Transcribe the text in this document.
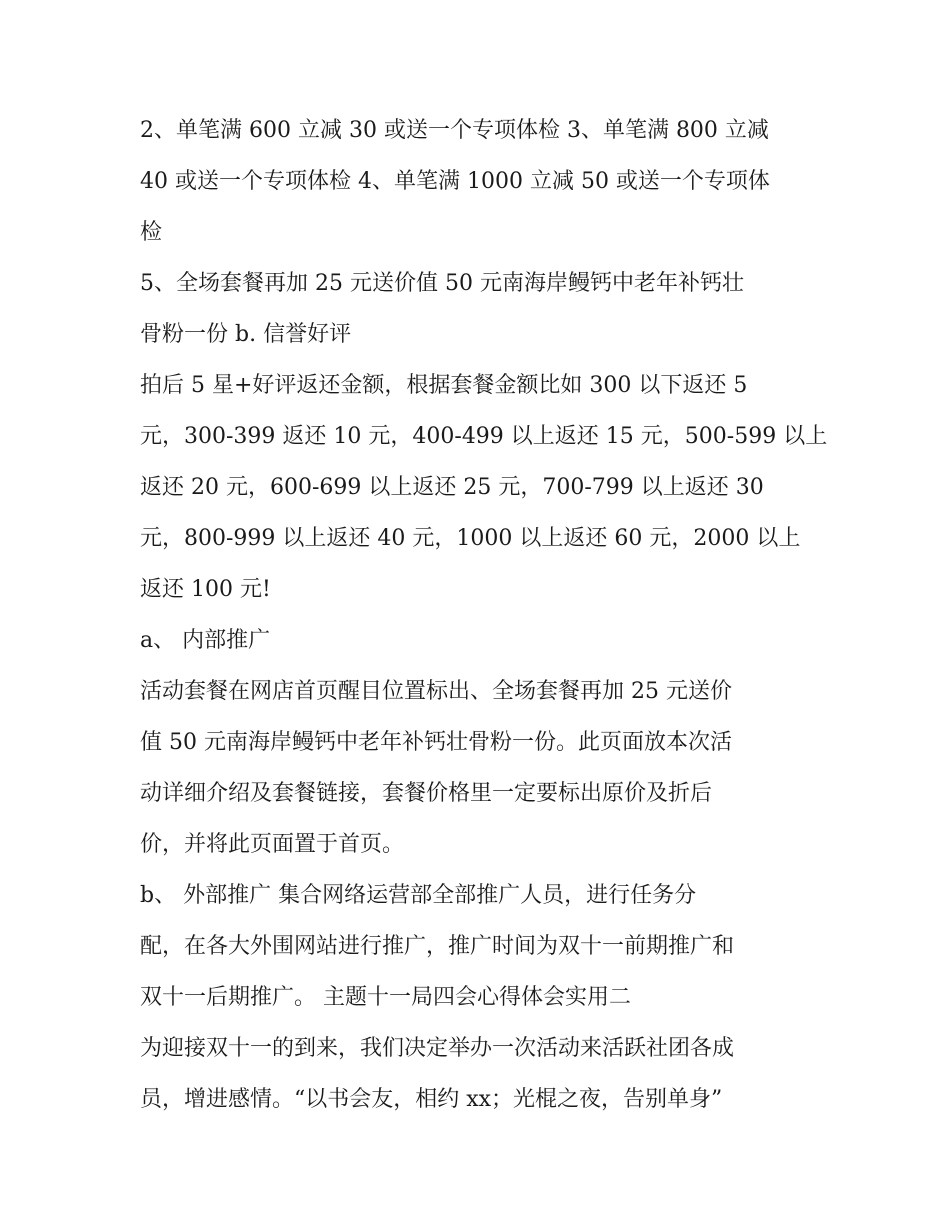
2、单笔满 600 立减 30 或送一个专项体检 3、单笔满 800 立减
40 或送一个专项体检 4、单笔满 1000 立减 50 或送一个专项体
检
5、全场套餐再加 25 元送价值 50 元南海岸鳗钙中老年补钙壮
骨粉一份 b. 信誉好评
拍后 5 星+好评返还金额，根据套餐金额比如 300 以下返还 5
元，300-399 返还 10 元，400-499 以上返还 15 元，500-599 以上
返还 20 元，600-699 以上返还 25 元，700-799 以上返还 30
元，800-999 以上返还 40 元，1000 以上返还 60 元，2000 以上
返还 100 元!
a、 内部推广
活动套餐在网店首页醒目位置标出、全场套餐再加 25 元送价
值 50 元南海岸鳗钙中老年补钙壮骨粉一份。此页面放本次活
动详细介绍及套餐链接，套餐价格里一定要标出原价及折后
价，并将此页面置于首页。
b、 外部推广 集合网络运营部全部推广人员，进行任务分
配，在各大外围网站进行推广，推广时间为双十一前期推广和
双十一后期推广。 主题十一局四会心得体会实用二
为迎接双十一的到来，我们决定举办一次活动来活跃社团各成
员，增进感情。“以书会友，相约 xx；光棍之夜，告别单身”
